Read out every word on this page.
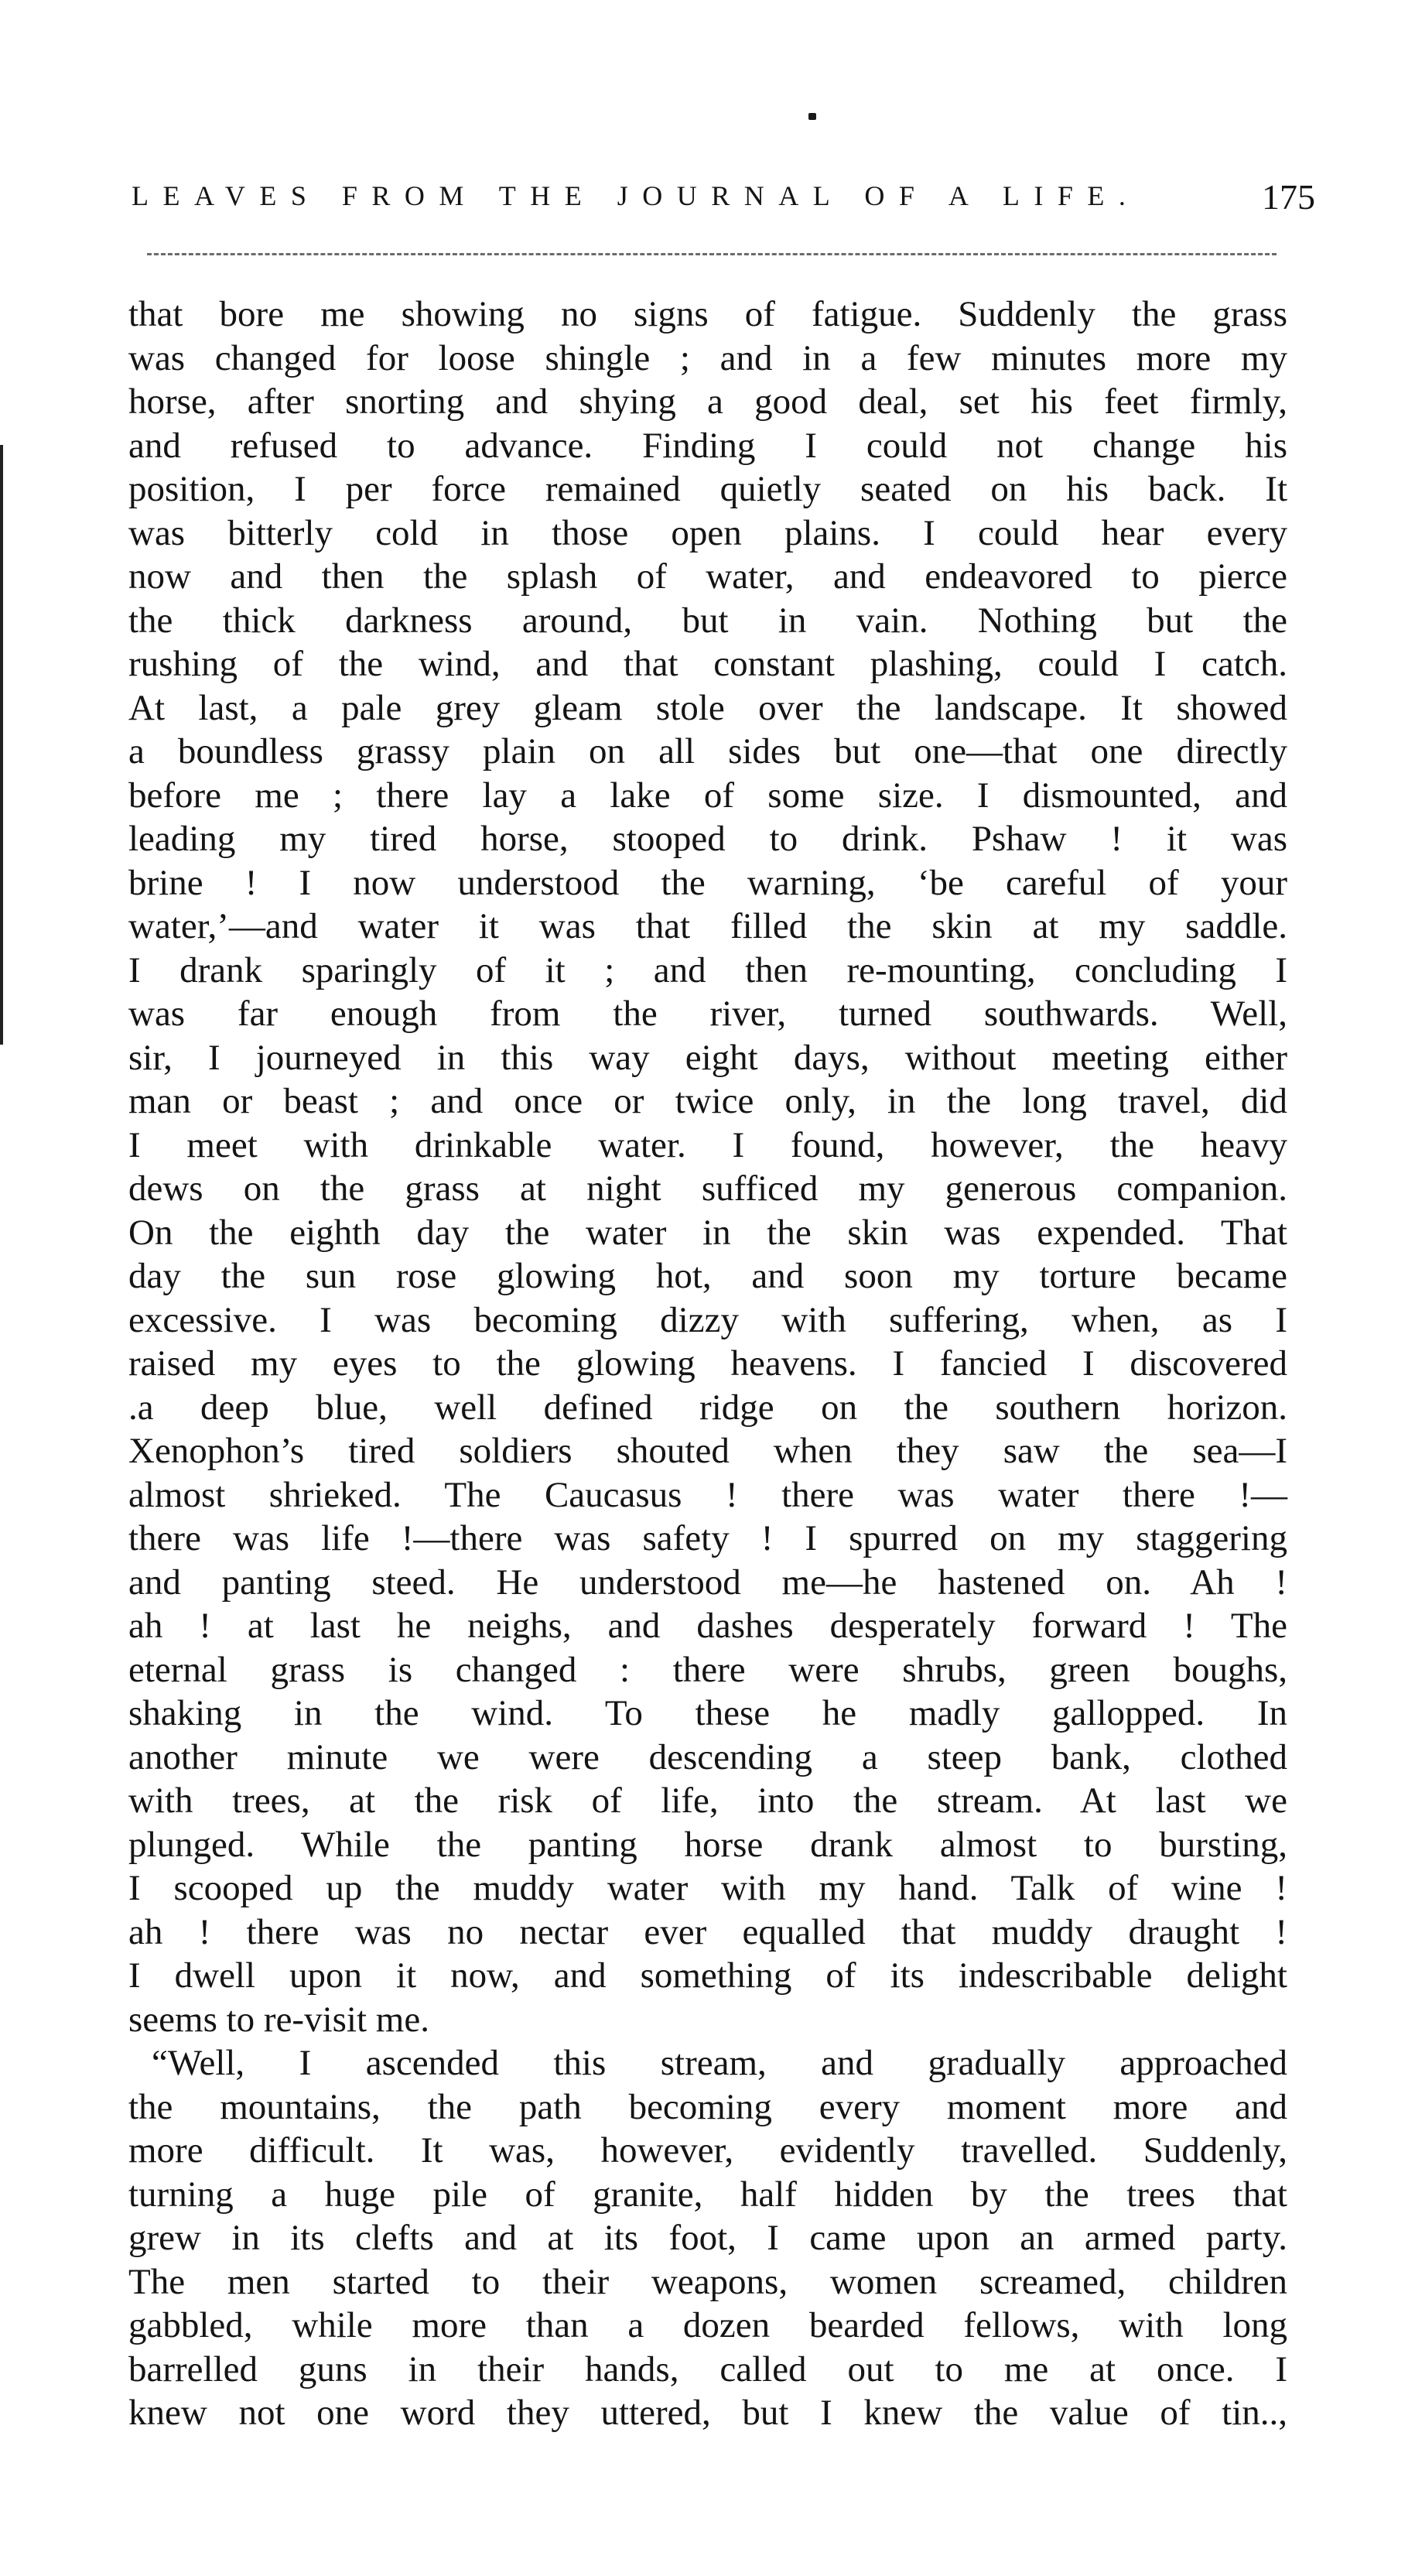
LEAVES FROM THE JOURNAL OF A LIFE.	175
that bore me showing no signs of fatigue. Suddenly the grass
was changed for loose shingle ; and in a few minutes more my
horse, after snorting and shying a good deal, set his feet firmly,
and refused to advance. Finding I could not change his
position, I per force remained quietly seated on his back. It
was bitterly cold in those open plains. I could hear every
now and then the splash of water, and endeavored to pierce
the thick darkness around, but in vain. Nothing but the
rushing of the wind, and that constant plashing, could I catch.
At last, a pale grey gleam stole over the landscape. It showed
a boundless grassy plain on all sides but one—that one directly
before me ; there lay a lake of some size. I dismounted, and
leading my tired horse, stooped to drink. Pshaw ! it was
brine ! I now understood the warning, ‘be careful of your
water,’—and water it was that filled the skin at my saddle.
I drank sparingly of it ; and then re-mounting, concluding I
was far enough from the river, turned southwards. Well,
sir, I journeyed in this way eight days, without meeting either
man or beast ; and once or twice only, in the long travel, did
I meet with drinkable water. I found, however, the heavy
dews on the grass at night sufficed my generous companion.
On the eighth day the water in the skin was expended. That
day the sun rose glowing hot, and soon my torture became
excessive. I was becoming dizzy with suffering, when, as I
raised my eyes to the glowing heavens. I fancied I discovered
.a deep blue, well defined ridge on the southern horizon.
Xenophon’s tired soldiers shouted when they saw the sea—I
almost shrieked. The Caucasus ! there was water there !—
there was life !—there was safety ! I spurred on my staggering
and panting steed. He understood me—he hastened on. Ah !
ah ! at last he neighs, and dashes desperately forward ! The
eternal grass is changed : there were shrubs, green boughs,
shaking in the wind. To these he madly gallopped. In
another minute we were descending a steep bank, clothed
with trees, at the risk of life, into the stream. At last we
plunged. While the panting horse drank almost to bursting,
I scooped up the muddy water with my hand. Talk of wine !
ah ! there was no nectar ever equalled that muddy draught !
I dwell upon it now, and something of its indescribable delight
seems to re-visit me.
“Well, I ascended this stream, and gradually approached
the mountains, the path becoming every moment more and
more difficult. It was, however, evidently travelled. Suddenly,
turning a huge pile of granite, half hidden by the trees that
grew in its clefts and at its foot, I came upon an armed party.
The men started to their weapons, women screamed, children
gabbled, while more than a dozen bearded fellows, with long
barrelled guns in their hands, called out to me at once. I
knew not one word they uttered, but I knew the value of tin..,
